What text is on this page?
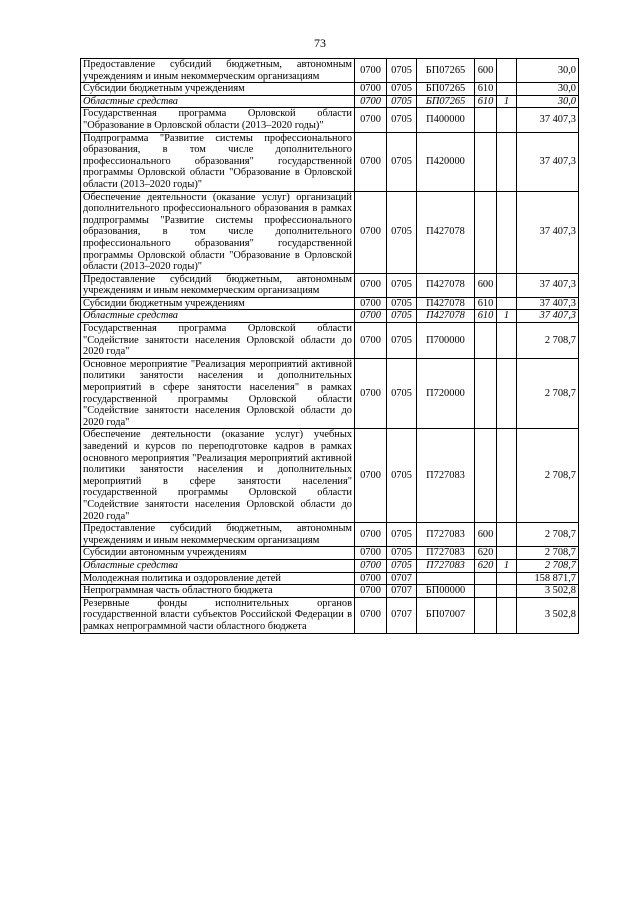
73
Предоставление субсидий бюджетным, автономным учреждениям и иным некоммерческим организациям	0700	0705	БП07265	600		30,0
Субсидии бюджетным учреждениям	0700	0705	БП07265	610		30,0
Областные средства	0700	0705	БП07265	610	1	30,0
Государственная программа Орловской области "Образование в Орловской области (2013–2020 годы)"	0700	0705	П400000			37 407,3
Подпрограмма "Развитие системы профессионального образования, в том числе дополнительного профессионального образования" государственной программы Орловской области "Образование в Орловской области (2013–2020 годы)"	0700	0705	П420000			37 407,3
Обеспечение деятельности (оказание услуг) организаций дополнительного профессионального образования в рамках подпрограммы "Развитие системы профессионального образования, в том числе дополнительного профессионального образования" государственной программы Орловской области "Образование в Орловской области (2013–2020 годы)"	0700	0705	П427078			37 407,3
Предоставление субсидий бюджетным, автономным учреждениям и иным некоммерческим организациям	0700	0705	П427078	600		37 407,3
Субсидии бюджетным учреждениям	0700	0705	П427078	610		37 407,3
Областные средства	0700	0705	П427078	610	1	37 407,3
Государственная программа Орловской области "Содействие занятости населения Орловской области до 2020 года"	0700	0705	П700000			2 708,7
Основное мероприятие "Реализация мероприятий активной политики занятости населения и дополнительных мероприятий в сфере занятости населения" в рамках государственной программы Орловской области "Содействие занятости населения Орловской области до 2020 года"	0700	0705	П720000			2 708,7
Обеспечение деятельности (оказание услуг) учебных заведений и курсов по переподготовке кадров в рамках основного мероприятия "Реализация мероприятий активной политики занятости населения и дополнительных мероприятий в сфере занятости населения" государственной программы Орловской области "Содействие занятости населения Орловской области до 2020 года"	0700	0705	П727083			2 708,7
Предоставление субсидий бюджетным, автономным учреждениям и иным некоммерческим организациям	0700	0705	П727083	600		2 708,7
Субсидии автономным учреждениям	0700	0705	П727083	620		2 708,7
Областные средства	0700	0705	П727083	620	1	2 708,7
Молодежная политика и оздоровление детей	0700	0707				158 871,7
Непрограммная часть областного бюджета	0700	0707	БП00000			3 502,8
Резервные фонды исполнительных органов государственной власти субъектов Российской Федерации в рамках непрограммной части областного бюджета	0700	0707	БП07007			3 502,8
